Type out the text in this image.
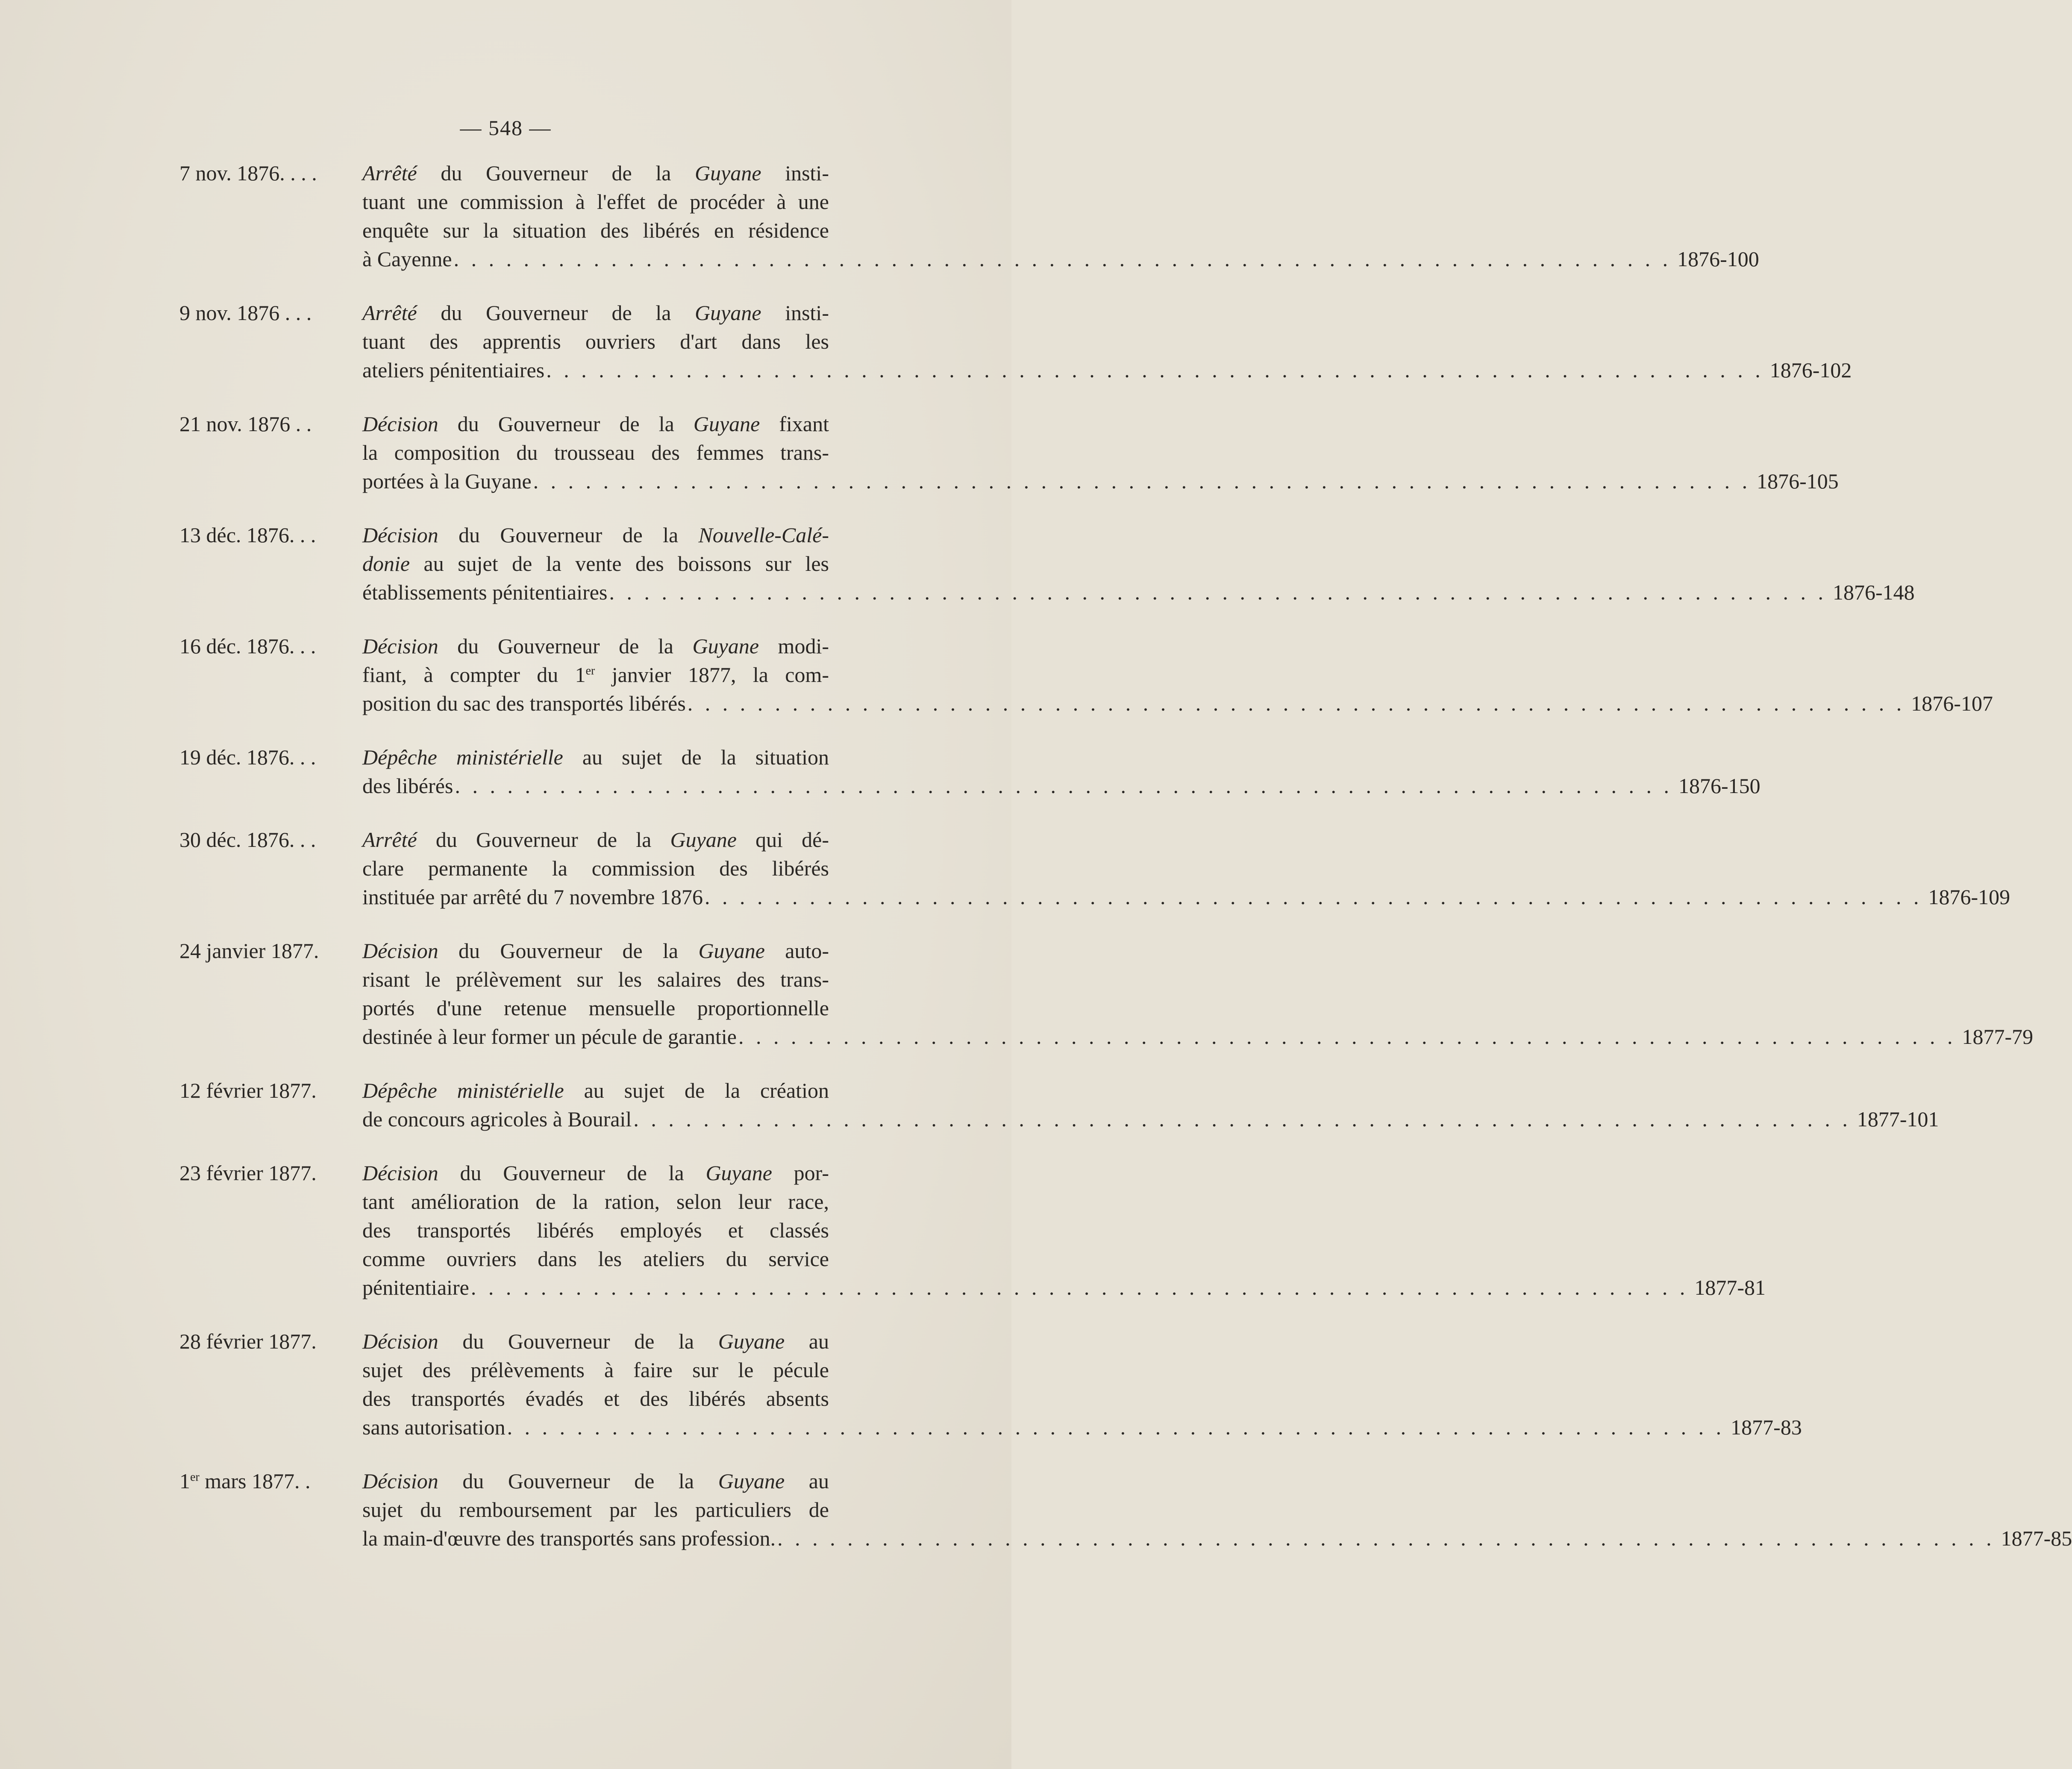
— 548 —
7 nov. 1876. . . .	Arrêté du Gouverneur de la Guyane insti-
tuant une commission à l'effet de procéder à une
enquête sur la situation des libérés en résidence
à Cayenne . . . . . . . . . . . . . . . . . . . . . . . . . . . . . . . . . . . . . . . . . . . . . . . . . . . . . . . . . . . . . . . . . . . . . . 1876-100
9 nov. 1876 . . .	Arrêté du Gouverneur de la Guyane insti-
tuant des apprentis ouvriers d'art dans les
ateliers pénitentiaires . . . . . . . . . . . . . . . . . . . . . . . . . . . . . . . . . . . . . . . . . . . . . . . . . . . . . . . . . . . . . . . . . . . . . . 1876-102
21 nov. 1876 . .	Décision du Gouverneur de la Guyane fixant
la composition du trousseau des femmes trans-
portées à la Guyane . . . . . . . . . . . . . . . . . . . . . . . . . . . . . . . . . . . . . . . . . . . . . . . . . . . . . . . . . . . . . . . . . . . . . . 1876-105
13 déc. 1876. . .	Décision du Gouverneur de la Nouvelle-Calé-
donie au sujet de la vente des boissons sur les
établissements pénitentiaires . . . . . . . . . . . . . . . . . . . . . . . . . . . . . . . . . . . . . . . . . . . . . . . . . . . . . . . . . . . . . . . . . . . . . . 1876-148
16 déc. 1876. . .	Décision du Gouverneur de la Guyane modi-
fiant, à compter du 1er janvier 1877, la com-
position du sac des transportés libérés . . . . . . . . . . . . . . . . . . . . . . . . . . . . . . . . . . . . . . . . . . . . . . . . . . . . . . . . . . . . . . . . . . . . . . 1876-107
19 déc. 1876. . .	Dépêche ministérielle au sujet de la situation
des libérés . . . . . . . . . . . . . . . . . . . . . . . . . . . . . . . . . . . . . . . . . . . . . . . . . . . . . . . . . . . . . . . . . . . . . . 1876-150
30 déc. 1876. . .	Arrêté du Gouverneur de la Guyane qui dé-
clare permanente la commission des libérés
instituée par arrêté du 7 novembre 1876 . . . . . . . . . . . . . . . . . . . . . . . . . . . . . . . . . . . . . . . . . . . . . . . . . . . . . . . . . . . . . . . . . . . . . . 1876-109
24 janvier 1877.	Décision du Gouverneur de la Guyane auto-
risant le prélèvement sur les salaires des trans-
portés d'une retenue mensuelle proportionnelle
destinée à leur former un pécule de garantie . . . . . . . . . . . . . . . . . . . . . . . . . . . . . . . . . . . . . . . . . . . . . . . . . . . . . . . . . . . . . . . . . . . . . . 1877-79
12 février 1877.	Dépêche ministérielle au sujet de la création
de concours agricoles à Bourail . . . . . . . . . . . . . . . . . . . . . . . . . . . . . . . . . . . . . . . . . . . . . . . . . . . . . . . . . . . . . . . . . . . . . . 1877-101
23 février 1877.	Décision du Gouverneur de la Guyane por-
tant amélioration de la ration, selon leur race,
des transportés libérés employés et classés
comme ouvriers dans les ateliers du service
pénitentiaire . . . . . . . . . . . . . . . . . . . . . . . . . . . . . . . . . . . . . . . . . . . . . . . . . . . . . . . . . . . . . . . . . . . . . . 1877-81
28 février 1877.	Décision du Gouverneur de la Guyane au
sujet des prélèvements à faire sur le pécule
des transportés évadés et des libérés absents
sans autorisation . . . . . . . . . . . . . . . . . . . . . . . . . . . . . . . . . . . . . . . . . . . . . . . . . . . . . . . . . . . . . . . . . . . . . . 1877-83
1er mars 1877. .	Décision du Gouverneur de la Guyane au
sujet du remboursement par les particuliers de
la main-d'œuvre des transportés sans profession. . . . . . . . . . . . . . . . . . . . . . . . . . . . . . . . . . . . . . . . . . . . . . . . . . . . . . . . . . . . . . . . . . . . . . . 1877-85
